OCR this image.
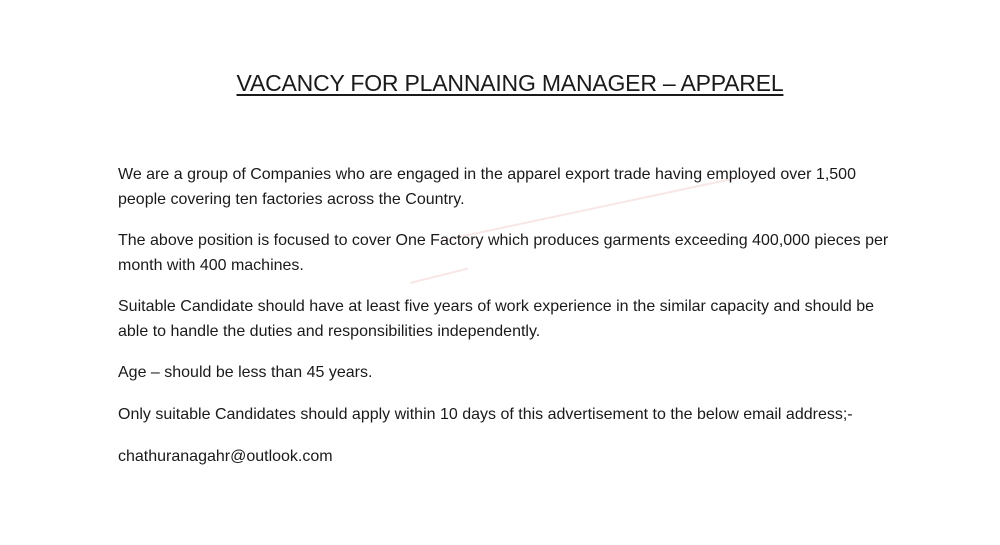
VACANCY FOR PLANNAING MANAGER – APPAREL

We are a group of Companies who are engaged in the apparel export trade having employed over 1,500 people covering ten factories across the Country.

The above position is focused to cover One Factory which produces garments exceeding 400,000 pieces per month with 400 machines.

Suitable Candidate should have at least five years of work experience in the similar capacity and should be able to handle the duties and responsibilities independently.

Age – should be less than 45 years.

Only suitable Candidates should apply within 10 days of this advertisement to the below email address;-

chathuranagahr@outlook.com
